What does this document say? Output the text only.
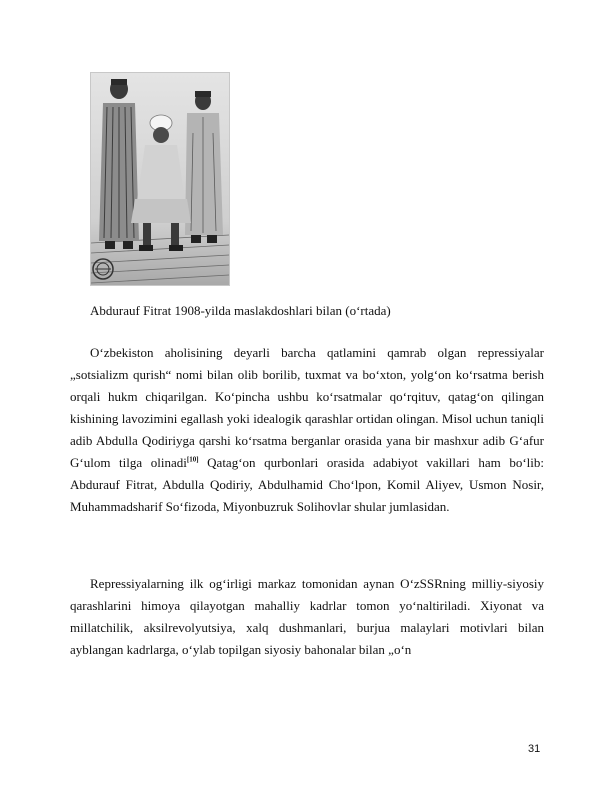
Abdurauf Fitrat 1908-yilda maslakdoshlari bilan (o‘rtada)

O‘zbekiston aholisining deyarli barcha qatlamini qamrab olgan repressiyalar „sotsializm qurish“ nomi bilan olib borilib, tuxmat va bo‘xton, yolg‘on ko‘rsatma berish orqali hukm chiqarilgan. Ko‘pincha ushbu ko‘rsatmalar qo‘rqituv, qatag‘on qilingan kishining lavozimini egallash yoki idealogik qarashlar ortidan olingan. Misol uchun taniqli adib Abdulla Qodiriyga qarshi ko‘rsatma berganlar orasida yana bir mashxur adib G‘afur G‘ulom tilga olinadi[10] Qatag‘on qurbonlari orasida adabiyot vakillari ham bo‘lib: Abdurauf Fitrat, Abdulla Qodiriy, Abdulhamid Cho‘lpon, Komil Aliyev, Usmon Nosir, Muhammadsharif So‘fizoda, Miyonbuzruk Solihovlar shular jumlasidan.

Repressiyalarning ilk og‘irligi markaz tomonidan aynan O‘zSSRning milliy-siyosiy qarashlarini himoya qilayotgan mahalliy kadrlar tomon yo‘naltiriladi. Xiyonat va millatchilik, aksilrevolyutsiya, xalq dushmanlari, burjua malaylari motivlari bilan ayblangan kadrlarga, o‘ylab topilgan siyosiy bahonalar bilan „o‘n

31
